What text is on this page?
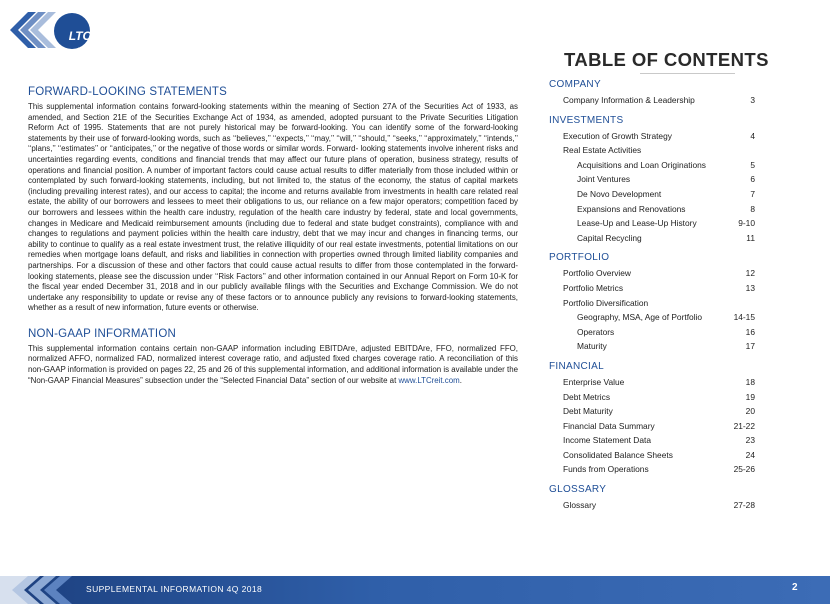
LTC
REIT
FORWARD-LOOKING STATEMENTS

This supplemental information contains forward-looking statements within the meaning of Section 27A of the Securities Act of 1933, as amended, and Section 21E of the Securities Exchange Act of 1934, as amended, adopted pursuant to the Private Securities Litigation Reform Act of 1995. Statements that are not purely historical may be forward-looking. You can identify some of the forward-looking statements by their use of forward-looking words, such as ‘‘believes,’’ ‘‘expects,’’ ‘‘may,’’ ‘‘will,’’ ‘‘should,’’ ‘‘seeks,’’ ‘‘approximately,’’ ‘‘intends,’’ ‘‘plans,’’ ‘‘estimates’’ or ‘‘anticipates,’’ or the negative of those words or similar words. Forward- looking statements involve inherent risks and uncertainties regarding events, conditions and financial trends that may affect our future plans of operation, business strategy, results of operations and financial position. A number of important factors could cause actual results to differ materially from those included within or contemplated by such forward-looking statements, including, but not limited to, the status of the economy, the status of capital markets (including prevailing interest rates), and our access to capital; the income and returns available from investments in health care related real estate, the ability of our borrowers and lessees to meet their obligations to us, our reliance on a few major operators; competition faced by our borrowers and lessees within the health care industry, regulation of the health care industry by federal, state and local governments, changes in Medicare and Medicaid reimbursement amounts (including due to federal and state budget constraints), compliance with and changes to regulations and payment policies within the health care industry, debt that we may incur and changes in financing terms, our ability to continue to qualify as a real estate investment trust, the relative illiquidity of our real estate investments, potential limitations on our remedies when mortgage loans default, and risks and liabilities in connection with properties owned through limited liability companies and partnerships. For a discussion of these and other factors that could cause actual results to differ from those contemplated in the forward-looking statements, please see the discussion under ‘‘Risk Factors’’ and other information contained in our Annual Report on Form 10-K for the fiscal year ended December 31, 2018 and in our publicly available filings with the Securities and Exchange Commission. We do not undertake any responsibility to update or revise any of these factors or to announce publicly any revisions to forward-looking statements, whether as a result of new information, future events or otherwise.

NON-GAAP INFORMATION

This supplemental information contains certain non-GAAP information including EBITDAre, adjusted EBITDAre, FFO, normalized FFO, normalized AFFO, normalized FAD, normalized interest coverage ratio, and adjusted fixed charges coverage ratio. A reconciliation of this non-GAAP information is provided on pages 22, 25 and 26 of this supplemental information, and additional information is available under the “Non-GAAP Financial Measures” subsection under the “Selected Financial Data” section of our website at www.LTCreit.com.

TABLE OF CONTENTS
COMPANY
Company Information & Leadership	3
INVESTMENTS
Execution of Growth Strategy	4
Real Estate Activities
Acquisitions and Loan Originations	5
Joint Ventures	6
De Novo Development	7
Expansions and Renovations	8
Lease-Up and Lease-Up History	9-10
Capital Recycling	11
PORTFOLIO
Portfolio Overview	12
Portfolio Metrics	13
Portfolio Diversification
Geography, MSA, Age of Portfolio	14-15
Operators	16
Maturity	17
FINANCIAL
Enterprise Value	18
Debt Metrics	19
Debt Maturity	20
Financial Data Summary	21-22
Income Statement Data	23
Consolidated Balance Sheets	24
Funds from Operations	25-26
GLOSSARY
Glossary	27-28
SUPPLEMENTAL INFORMATION 4Q 2018	2
